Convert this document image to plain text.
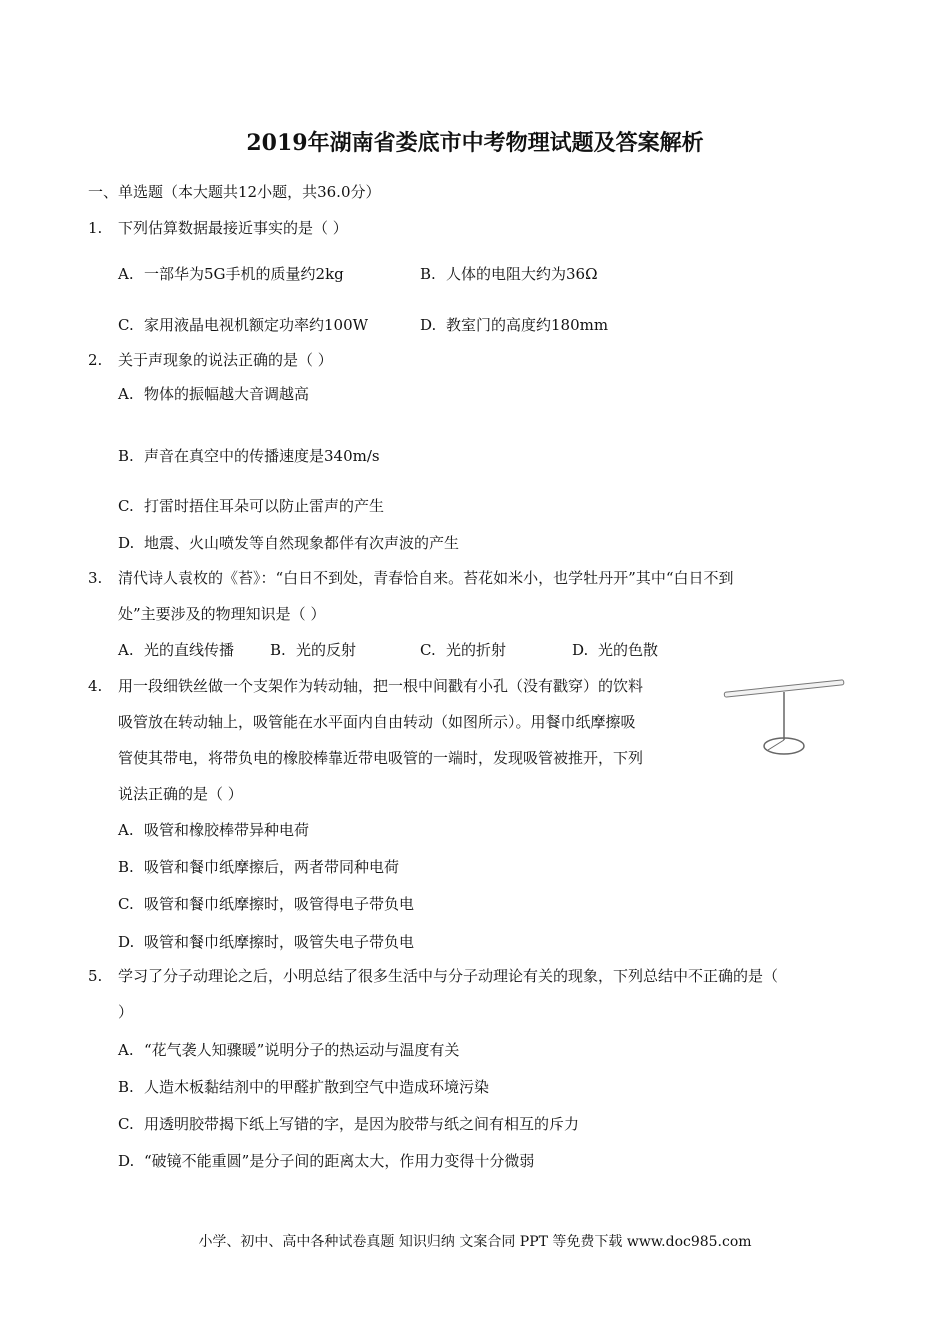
2019年湖南省娄底市中考物理试题及答案解析
一、单选题（本大题共12小题，共36.0分）
1. 下列估算数据最接近事实的是（ ）
A. 一部华为5G手机的质量约2kg	B. 人体的电阻大约为36Ω
C. 家用液晶电视机额定功率约100W	D. 教室门的高度约180mm
2. 关于声现象的说法正确的是（ ）
A. 物体的振幅越大音调越高
B. 声音在真空中的传播速度是340m/s
C. 打雷时捂住耳朵可以防止雷声的产生
D. 地震、火山喷发等自然现象都伴有次声波的产生
3. 清代诗人袁枚的《苔》：“白日不到处，青春恰自来。苔花如米小，也学牡丹开”其中“白日不到
处”主要涉及的物理知识是（ ）
A. 光的直线传播 B. 光的反射	C. 光的折射	D. 光的色散
4. 用一段细铁丝做一个支架作为转动轴，把一根中间戳有小孔（没有戳穿）的饮料
吸管放在转动轴上，吸管能在水平面内自由转动（如图所示）。用餐巾纸摩擦吸
管使其带电，将带负电的橡胶棒靠近带电吸管的一端时，发现吸管被推开，下列
说法正确的是（ ）
A. 吸管和橡胶棒带异种电荷
B. 吸管和餐巾纸摩擦后，两者带同种电荷
C. 吸管和餐巾纸摩擦时，吸管得电子带负电
D. 吸管和餐巾纸摩擦时，吸管失电子带负电
5. 学习了分子动理论之后，小明总结了很多生活中与分子动理论有关的现象，下列总结中不正确的是（
）
A. “花气袭人知骤暖”说明分子的热运动与温度有关
B. 人造木板黏结剂中的甲醛扩散到空气中造成环境污染
C. 用透明胶带揭下纸上写错的字，是因为胶带与纸之间有相互的斥力
D. “破镜不能重圆”是分子间的距离太大，作用力变得十分微弱
小学、初中、高中各种试卷真题 知识归纳 文案合同 PPT 等免费下载 www.doc985.com
